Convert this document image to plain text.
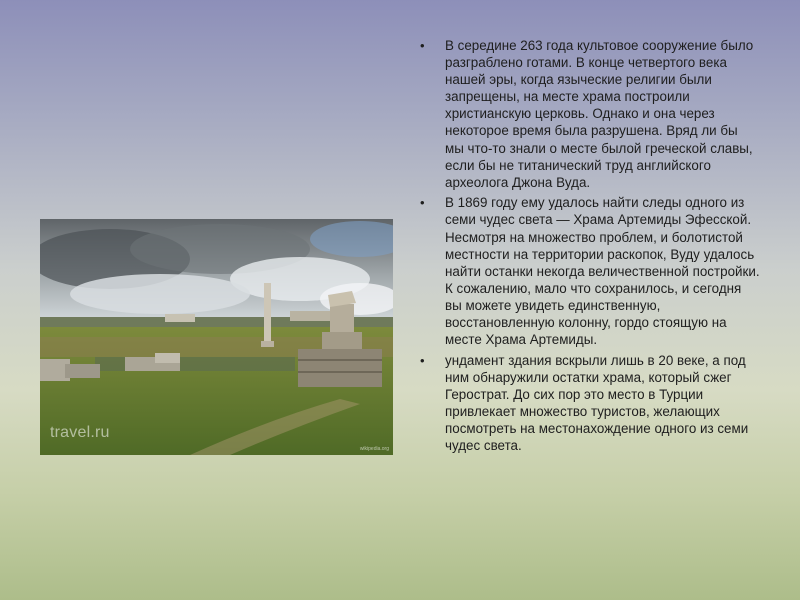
travel.ru
wikipedia.org
• В середине 263 года культовое сооружение было разграблено готами. В конце четвертого века нашей эры, когда языческие религии были запрещены, на месте храма построили христианскую церковь. Однако и она через некоторое время была разрушена. Вряд ли бы мы что-то знали о месте былой греческой славы, если бы не титанический труд английского археолога Джона Вуда.
• В 1869 году ему удалось найти следы одного из семи чудес света — Храма Артемиды Эфесской. Несмотря на множество проблем, и болотистой местности на территории раскопок, Вуду удалось найти останки некогда величественной постройки. К сожалению, мало что сохранилось, и сегодня вы можете увидеть единственную, восстановленную колонну, гордо стоящую на месте Храма Артемиды.
• ундамент здания вскрыли лишь в 20 веке, а под ним обнаружили остатки храма, который сжег Герострат. До сих пор это место в Турции привлекает множество туристов, желающих посмотреть на местонахождение одного из семи чудес света.
